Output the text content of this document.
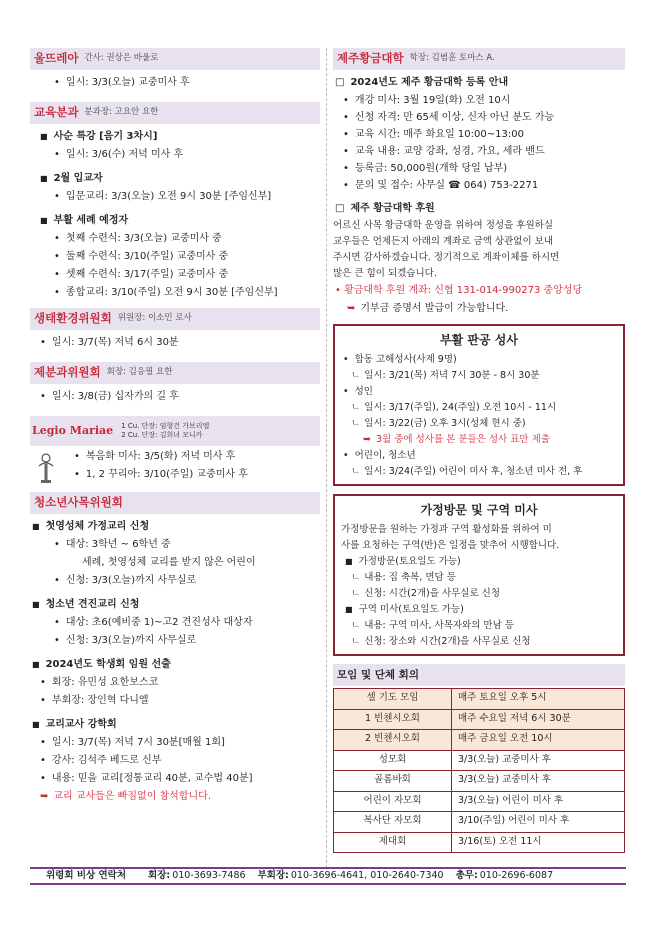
울뜨레아 간사: 권상은 바울로
• 일시: 3/3(오늘) 교중미사 후
교육분과 분과장: 고요안 요한
■ 사순 특강 [음기 3차시]
• 일시: 3/6(수) 저녁 미사 후
■ 2월 입교자
• 입문교리: 3/3(오늘) 오전 9시 30분 [주임신부]
■ 부활 세례 예정자
• 첫째 수련식: 3/3(오늘) 교중미사 중
• 둘째 수련식: 3/10(주일) 교중미사 중
• 셋째 수련식: 3/17(주일) 교중미사 중
• 종합교리: 3/10(주일) 오전 9시 30분 [주임신부]
생태환경위원회 위원장: 이소민 로사
• 일시: 3/7(목) 저녁 6시 30분
제분과위원회 회장: 김응필 요한
• 일시: 3/8(금) 십자가의 길 후
Legio Mariae 1 Cu. 단장: 임형건 가브리엘
2 Cu. 단장: 김희녀 모니카
• 복음화 미사: 3/5(화) 저녁 미사 후
• 1, 2 꾸리아: 3/10(주일) 교중미사 후
청소년사목위원회
■ 첫영성체 가정교리 신청
• 대상: 3학년 ~ 6학년 중
세례, 첫영성체 교리를 받지 않은 어린이
• 신청: 3/3(오늘)까지 사무실로
■ 청소년 견진교리 신청
• 대상: 초6(예비중 1)~고2 견진성사 대상자
• 신청: 3/3(오늘)까지 사무실로
■ 2024년도 학생회 임원 선출
• 회장: 유민성 요한보스코
• 부회장: 장인혁 다니엘
■ 교리교사 강학회
• 일시: 3/7(목) 저녁 7시 30분[매월 1회]
• 강사: 김석주 베드로 신부
• 내용: 믿을 교리[정통교리 40분, 교수법 40분]
➥ 교리 교사들은 빠짐없이 참석합니다.
제주황금대학 학장: 김범훈 토마스 A.
□ 2024년도 제주 황금대학 등록 안내
• 개강 미사: 3월 19일(화) 오전 10시
• 신청 자격: 만 65세 이상, 신자 아닌 분도 가능
• 교육 시간: 매주 화요일 10:00~13:00
• 교육 내용: 교양 강좌, 성경, 가요, 세라 밴드
• 등록금: 50,000원(개학 당일 납부)
• 문의 및 접수: 사무실 ☎ 064) 753-2271
□ 제주 황금대학 후원
어르신 사목 황금대학 운영을 위하여 정성을 후원하실
교우들은 언제든지 아래의 계좌로 금액 상관없이 보내
주시면 감사하겠습니다. 정기적으로 계좌이체를 하시면
많은 큰 힘이 되겠습니다.
• 황금대학 후원 계좌: 신협 131-014-990273 중앙성당
➥ 기부금 증명서 발급이 가능합니다.
부활 판공 성사
• 합동 고해성사(사제 9명)
ㄴ 일시: 3/21(목) 저녁 7시 30분 - 8시 30분
• 성인
ㄴ 일시: 3/17(주일), 24(주일) 오전 10시 - 11시
ㄴ 일시: 3/22(금) 오후 3시(성체 현시 중)
➥ 3월 중에 성사를 본 분들은 성사 표만 제출
• 어린이, 청소년
ㄴ 일시: 3/24(주일) 어린이 미사 후, 청소년 미사 전, 후
가정방문 및 구역 미사
가정방문을 원하는 가정과 구역 활성화를 위하여 미
사를 요청하는 구역(반)은 일정을 맞추어 시행합니다.
■ 가정방문(토요일도 가능)
ㄴ 내용: 집 축복, 면담 등
ㄴ 신청: 시간(2개)을 사무실로 신청
■ 구역 미사(토요일도 가능)
ㄴ 내용: 구역 미사, 사목자와의 만남 등
ㄴ 신청: 장소와 시간(2개)을 사무실로 신청
모임 및 단체 회의
셀 기도 모임	매주 토요일 오후 5시
1 빈첸시오회	매주 수요일 저녁 6시 30분
2 빈첸시오회	매주 금요일 오전 10시
성모회	3/3(오늘) 교중미사 후
골롬바회	3/3(오늘) 교중미사 후
어린이 자모회	3/3(오늘) 어린이 미사 후
복사단 자모회	3/10(주일) 어린이 미사 후
제대회	3/16(토) 오전 11시
위령회 비상 연락처 회장: 010-3693-7486 부회장: 010-3696-4641, 010-2640-7340 총무: 010-2696-6087
